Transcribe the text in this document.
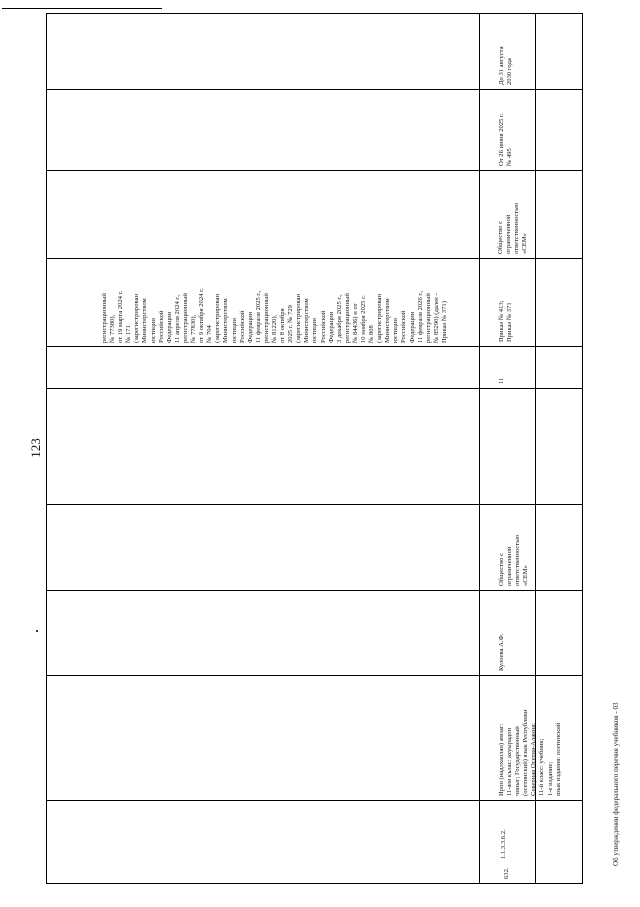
123
Об утверждении федерального перечня учебников - 03
632.
1.1.3.3.6.2.
Ирон (иадлхаолан) æвзаг:
11-æм кълас: ахуырадон
чиныг; Государственный
(осетинский) язык Республики
Северная Осетия-Алания:
11-й класс: учебник;
1-е издание;
язык издания: осетинский
Кулоева А.Ф.
Общество с
ограниченной
ответственностью
«СЕМ»
11
Приказ № 413;
Приказ № 371
регистрационный
№ 77380),
от 19 марта 2024 г.
№ 171
(зарегистрирован
Министерством
юстиции
Российской
Федерации
11 апреля 2024 г.,
регистрационный
№ 77830),
от 9 октября 2024 г.
№ 704
(зарегистрирован
Министерством
юстиции
Российской
Федерации
11 февраля 2025 г.,
регистрационный
№ 81220),
от 8 октября
2025 г. № 729
(зарегистрирован
Министерством
юстиции
Российской
Федерации
3 декабря 2025 г.,
регистрационный
№ 84436) и от
10 ноября 2025 г.
№ 808
(зарегистрирован
Министерством
юстиции
Российской
Федерации
11 февраля 2026 г.,
регистрационный
№ 85290) (далее -
Приказ № 371)
Общество с
ограниченной
ответственностью
«СЕМ»
От 26 июня 2025 г.
№ 495
До 31 августа
2030 года
